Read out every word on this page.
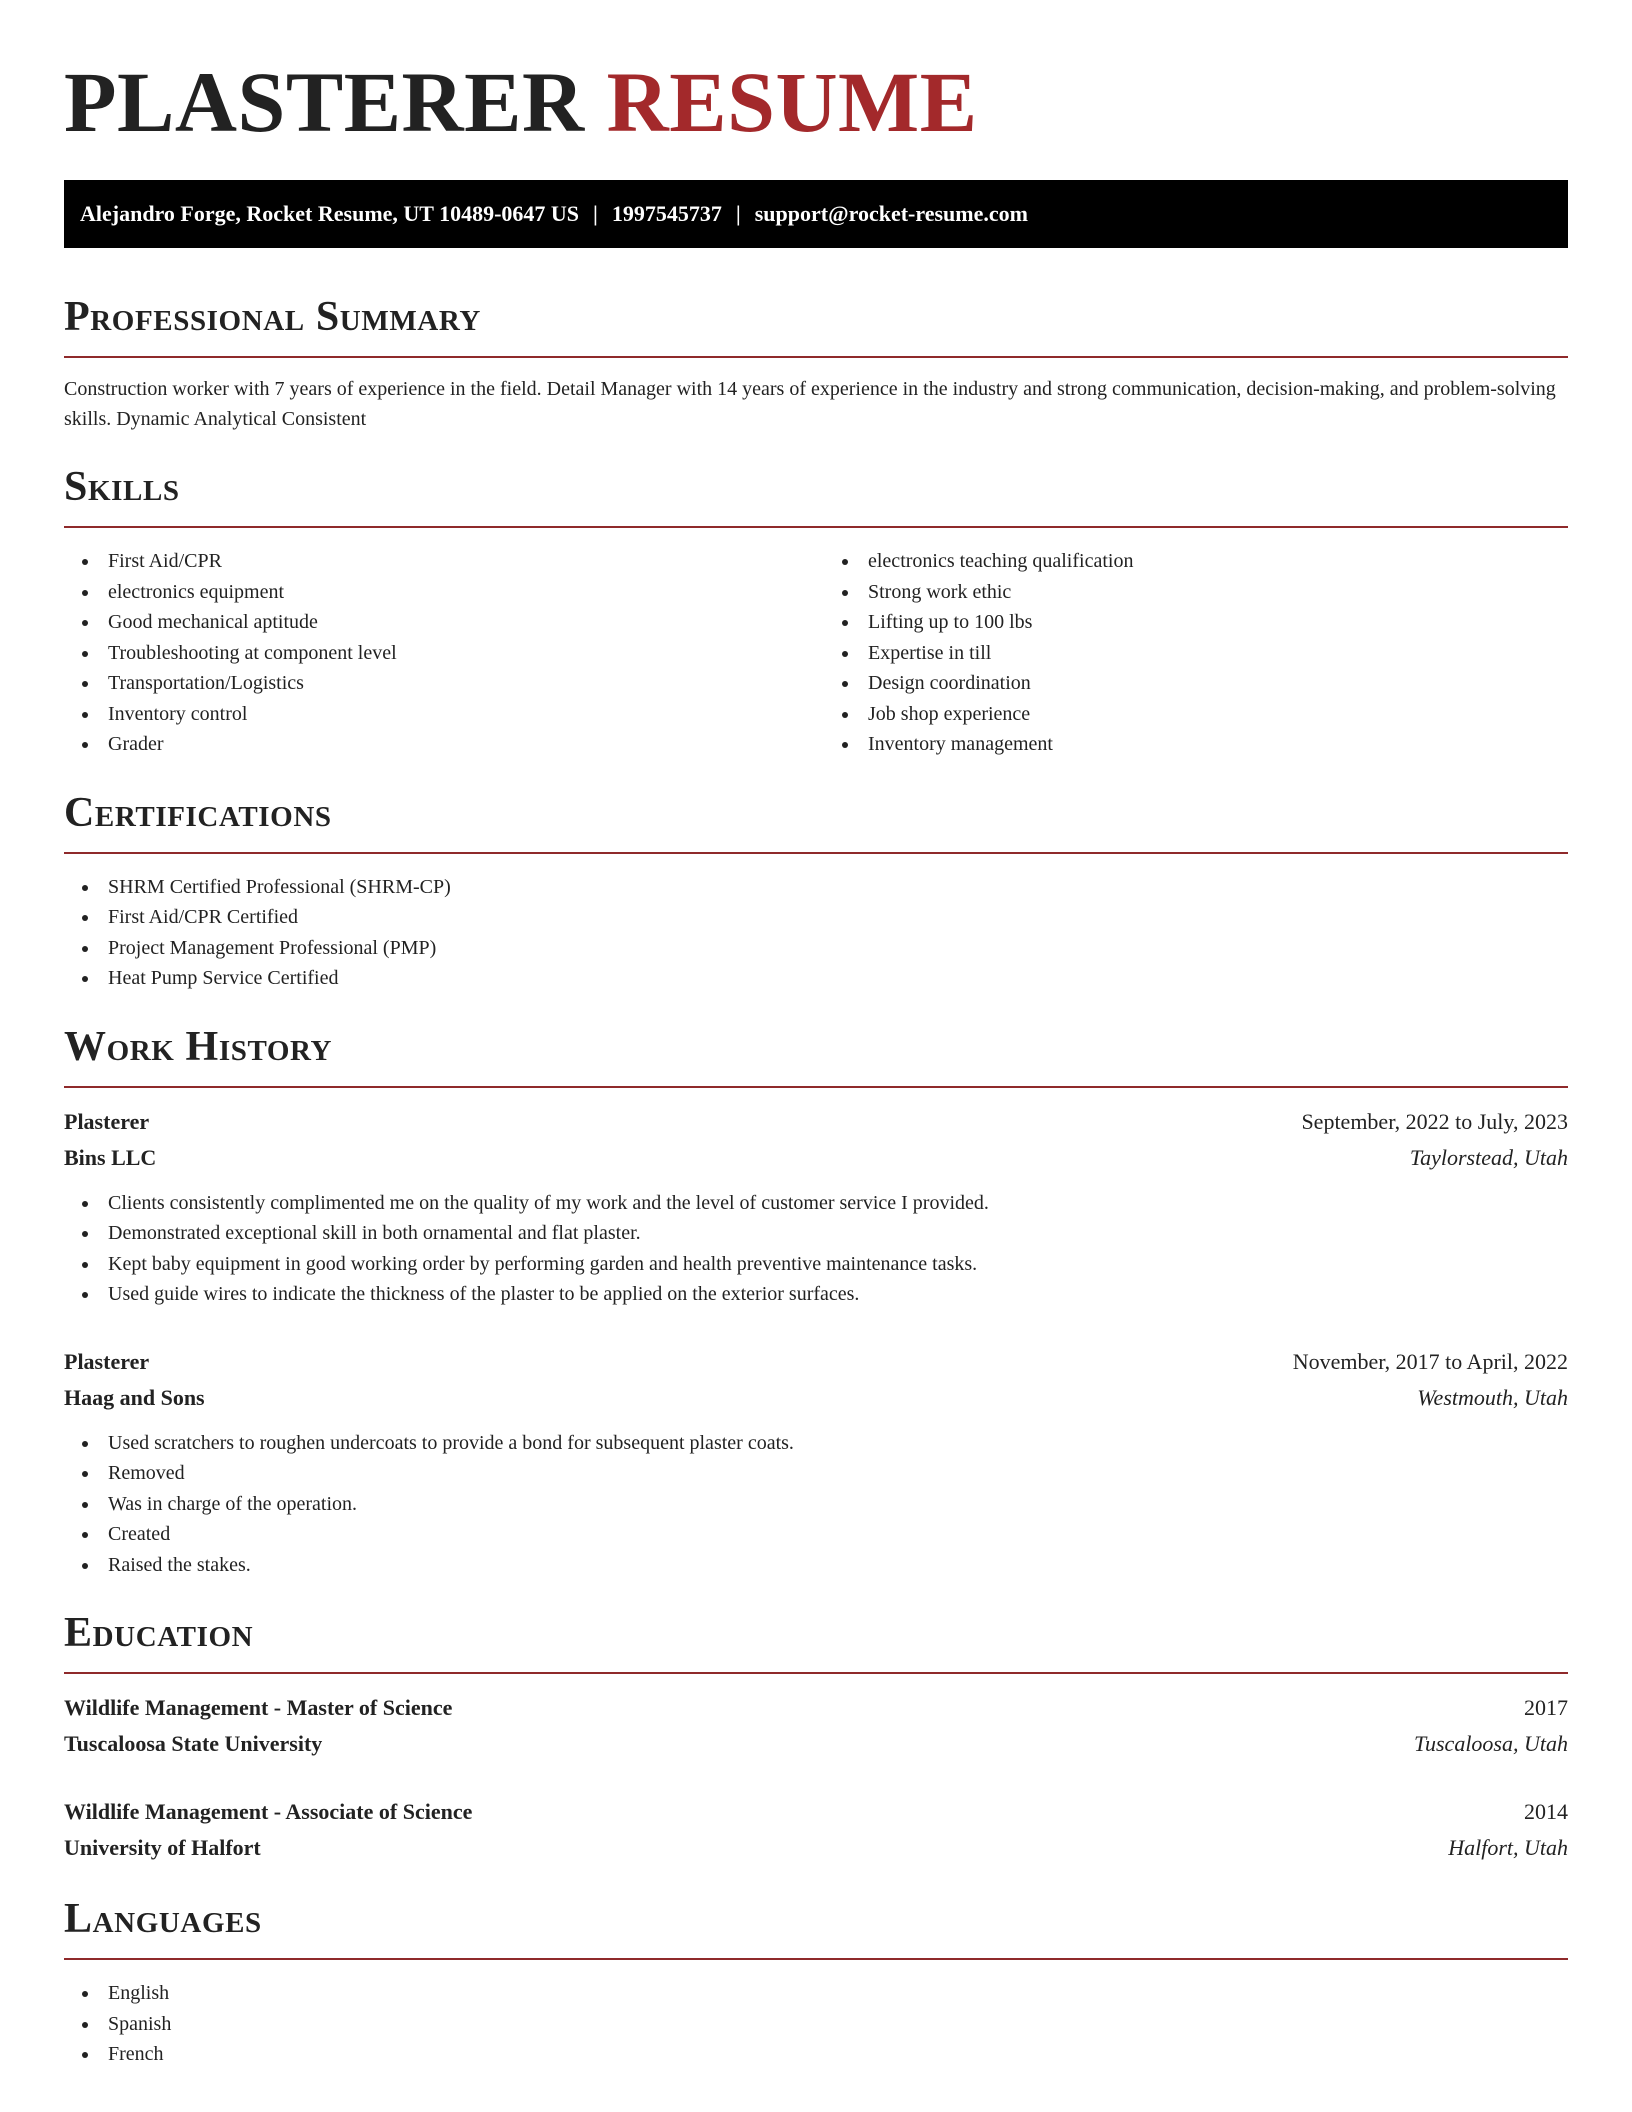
PLASTERER RESUME
Alejandro Forge, Rocket Resume, UT 10489-0647 US | 1997545737 | support@rocket-resume.com
Professional Summary

Construction worker with 7 years of experience in the field. Detail Manager with 14 years of experience in the industry and strong communication, decision-making, and problem-solving skills. Dynamic Analytical Consistent

Skills
First Aid/CPR
electronics equipment
Good mechanical aptitude
Troubleshooting at component level
Transportation/Logistics
Inventory control
Grader
electronics teaching qualification
Strong work ethic
Lifting up to 100 lbs
Expertise in till
Design coordination
Job shop experience
Inventory management
Certifications
SHRM Certified Professional (SHRM-CP)
First Aid/CPR Certified
Project Management Professional (PMP)
Heat Pump Service Certified
Work History
Plasterer	September, 2022 to July, 2023
Bins LLC	Taylorstead, Utah
Clients consistently complimented me on the quality of my work and the level of customer service I provided.
Demonstrated exceptional skill in both ornamental and flat plaster.
Kept baby equipment in good working order by performing garden and health preventive maintenance tasks.
Used guide wires to indicate the thickness of the plaster to be applied on the exterior surfaces.
Plasterer	November, 2017 to April, 2022
Haag and Sons	Westmouth, Utah
Used scratchers to roughen undercoats to provide a bond for subsequent plaster coats.
Removed
Was in charge of the operation.
Created
Raised the stakes.
Education
Wildlife Management - Master of Science	2017
Tuscaloosa State University	Tuscaloosa, Utah
Wildlife Management - Associate of Science	2014
University of Halfort	Halfort, Utah
Languages
English
Spanish
French
